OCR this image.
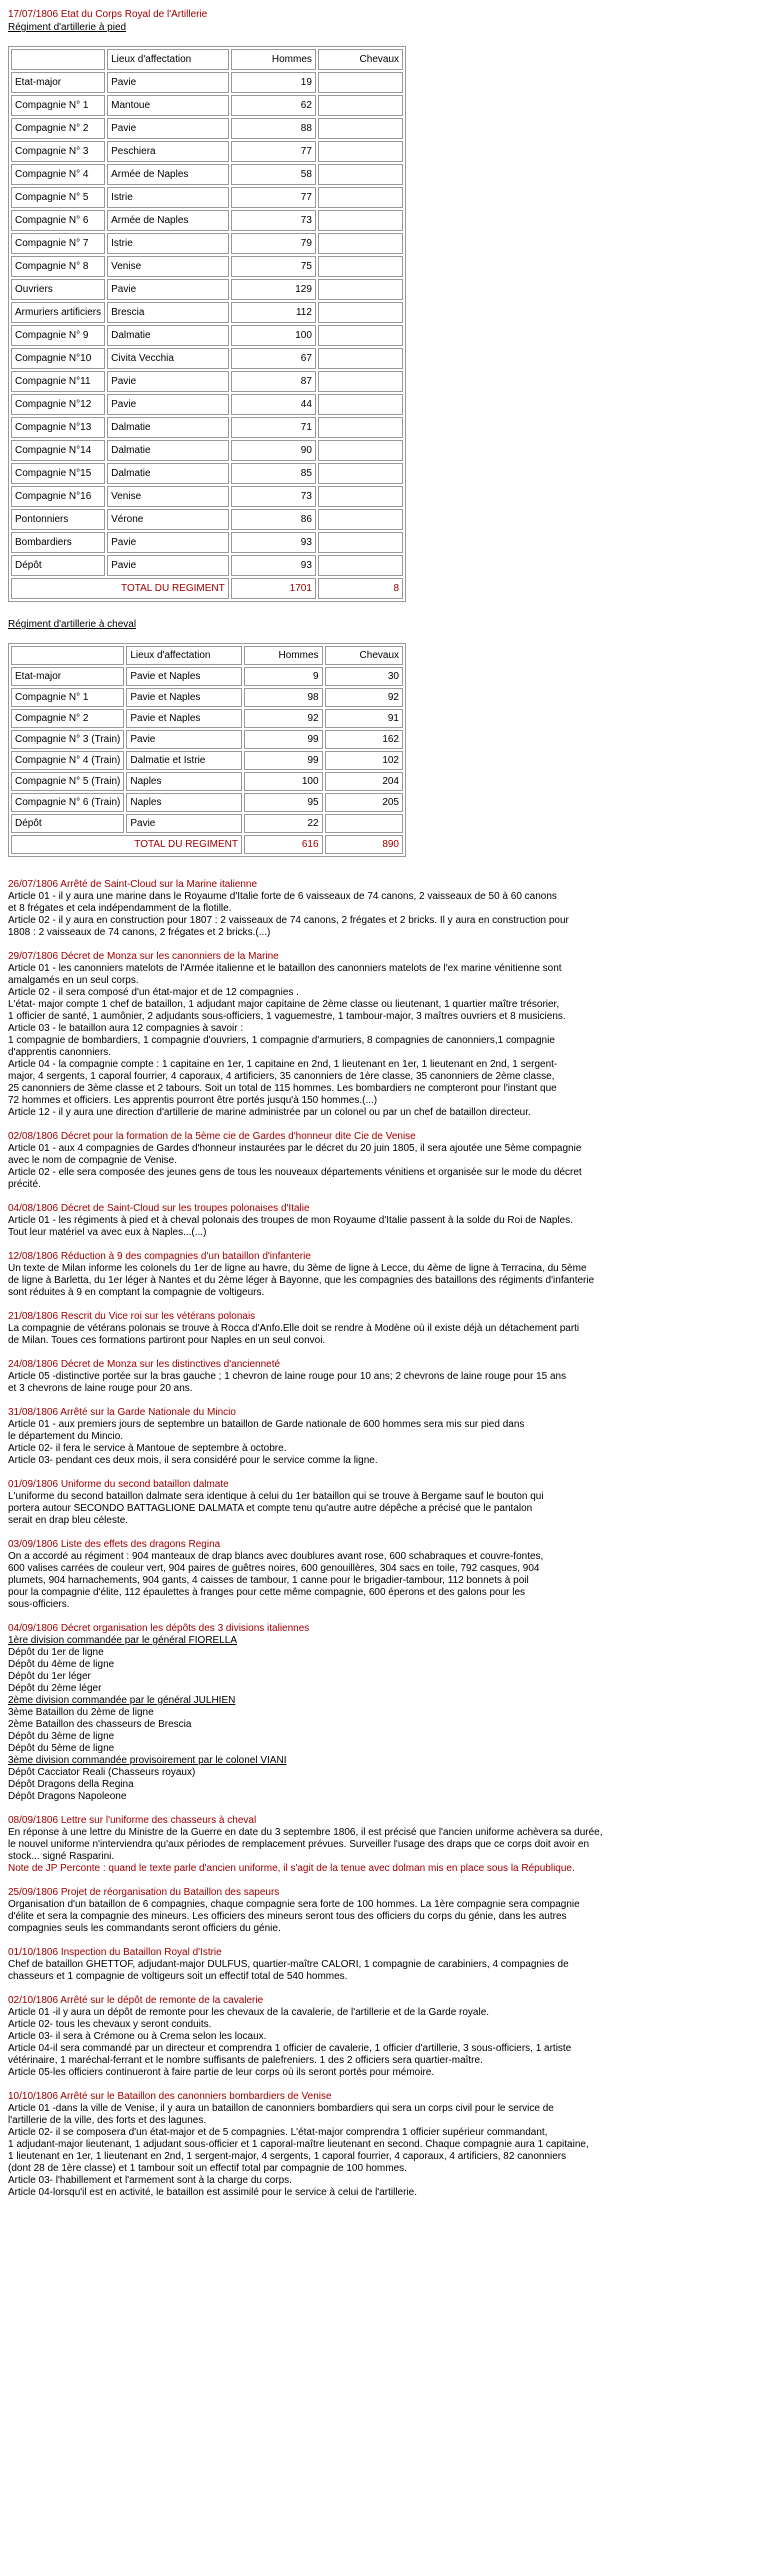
17/07/1806 Etat du Corps Royal de l'Artillerie
Régiment d'artillerie à pied
	Lieux d'affectation	Hommes	Chevaux
Etat-major	Pavie	19	
Compagnie N° 1	Mantoue	62	
Compagnie N° 2	Pavie	88	
Compagnie N° 3	Peschiera	77	
Compagnie N° 4	Armée de Naples	58	
Compagnie N° 5	Istrie	77	
Compagnie N° 6	Armée de Naples	73	
Compagnie N° 7	Istrie	79	
Compagnie N° 8	Venise	75	
Ouvriers	Pavie	129	
Armuriers artificiers	Brescia	112	
Compagnie N° 9	Dalmatie	100	
Compagnie N°10	Civita Vecchia	67	
Compagnie N°11	Pavie	87	
Compagnie N°12	Pavie	44	
Compagnie N°13	Dalmatie	71	
Compagnie N°14	Dalmatie	90	
Compagnie N°15	Dalmatie	85	
Compagnie N°16	Venise	73	
Pontonniers	Vérone	86	
Bombardiers	Pavie	93	
Dépôt	Pavie	93	
TOTAL DU REGIMENT		1701	8
Régiment d'artillerie à cheval
	Lieux d'affectation	Hommes	Chevaux
Etat-major	Pavie et Naples	9	30
Compagnie N° 1	Pavie et Naples	98	92
Compagnie N° 2	Pavie et Naples	92	91
Compagnie N° 3 (Train)	Pavie	99	162
Compagnie N° 4 (Train)	Dalmatie et Istrie	99	102
Compagnie N° 5 (Train)	Naples	100	204
Compagnie N° 6 (Train)	Naples	95	205
Dépôt	Pavie	22	
TOTAL DU REGIMENT		616	890
26/07/1806 Arrêté de Saint-Cloud sur la Marine italienne
Article 01 - il y aura une marine dans le Royaume d'Italie forte de 6 vaisseaux de 74 canons, 2 vaisseaux de 50 à 60 canons
et 8 frégates et cela indépendamment de la flotille.
Article 02 - il y aura en construction pour 1807 : 2 vaisseaux de 74 canons, 2 frégates et 2 bricks. Il y aura en construction pour
1808 : 2 vaisseaux de 74 canons, 2 frégates et 2 bricks.(...)
29/07/1806 Décret de Monza sur les canonniers de la Marine
Article 01 - les canonniers matelots de l'Armée italienne et le bataillon des canonniers matelots de l'ex marine vénitienne sont
amalgamés en un seul corps.
Article 02 - il sera composé d'un état-major et de 12 compagnies .
L'état- major compte 1 chef de bataillon, 1 adjudant major capitaine de 2ème classe ou lieutenant, 1 quartier maître trésorier,
1 officier de santé, 1 aumônier, 2 adjudants sous-officiers, 1 vaguemestre, 1 tambour-major, 3 maîtres ouvriers et 8 musiciens.
Article 03 - le bataillon aura 12 compagnies à savoir :
1 compagnie de bombardiers, 1 compagnie d'ouvriers, 1 compagnie d'armuriers, 8 compagnies de canonniers,1 compagnie
d'apprentis canonniers.
Article 04 - la compagnie compte : 1 capitaine en 1er, 1 capitaine en 2nd, 1 lieutenant en 1er, 1 lieutenant en 2nd, 1 sergent-
major, 4 sergents, 1 caporal fourrier, 4 caporaux, 4 artificiers, 35 canonniers de 1ère classe, 35 canonniers de 2ème classe,
25 canonniers de 3ème classe et 2 tabours. Soit un total de 115 hommes. Les bombardiers ne compteront pour l'instant que
72 hommes et officiers. Les apprentis pourront être portés jusqu'à 150 hommes.(...)
Article 12 - il y aura une direction d'artillerie de marine administrée par un colonel ou par un chef de bataillon directeur.
02/08/1806 Décret pour la formation de la 5ème cie de Gardes d'honneur dite Cie de Venise
Article 01 - aux 4 compagnies de Gardes d'honneur instaurées par le décret du 20 juin 1805, il sera ajoutée une 5ème compagnie
avec le nom de compagnie de Venise.
Article 02 - elle sera composée des jeunes gens de tous les nouveaux départements vénitiens et organisée sur le mode du décret
précité.
04/08/1806 Décret de Saint-Cloud sur les troupes polonaises d'Italie
Article 01 - les régiments à pied et à cheval polonais des troupes de mon Royaume d'Italie passent à la solde du Roi de Naples.
Tout leur matériel va avec eux à Naples...(...)
12/08/1806 Réduction à 9 des compagnies d'un bataillon d'infanterie
Un texte de Milan informe les colonels du 1er de ligne au havre, du 3ème de ligne à Lecce, du 4ème de ligne à Terracina, du 5ème
de ligne à Barletta, du 1er léger à Nantes et du 2ème léger à Bayonne, que les compagnies des bataillons des régiments d'infanterie
sont réduites à 9 en comptant la compagnie de voltigeurs.
21/08/1806 Rescrit du Vice roi sur les vétérans polonais
La compagnie de vétérans polonais se trouve à Rocca d'Anfo.Elle doit se rendre à Modène où il existe déjà un détachement parti
de Milan. Toues ces formations partiront pour Naples en un seul convoi.
24/08/1806 Décret de Monza sur les distinctives d'ancienneté
Article 05 -distinctive portée sur la bras gauche ; 1 chevron de laine rouge pour 10 ans; 2 chevrons de laine rouge pour 15 ans
et 3 chevrons de laine rouge pour 20 ans.
31/08/1806 Arrêté sur la Garde Nationale du Mincio
Article 01 - aux premiers jours de septembre un bataillon de Garde nationale de 600 hommes sera mis sur pied dans
le département du Mincio.
Article 02- il fera le service à Mantoue de septembre à octobre.
Article 03- pendant ces deux mois, il sera considéré pour le service comme la ligne.
01/09/1806 Uniforme du second bataillon dalmate
L'uniforme du second bataillon dalmate sera identique à celui du 1er bataillon qui se trouve à Bergame sauf le bouton qui
portera autour SECONDO BATTAGLIONE DALMATA et compte tenu qu'autre autre dépêche a précisé que le pantalon
serait en drap bleu céleste.
03/09/1806 Liste des effets des dragons Regina
On a accordé au régiment : 904 manteaux de drap blancs avec doublures avant rose, 600 schabraques et couvre-fontes,
600 valises carrées de couleur vert, 904 paires de guêtres noires, 600 genouillères, 304 sacs en toile, 792 casques, 904
plumets, 904 harnachements, 904 gants, 4 caisses de tambour, 1 canne pour le brigadier-tambour, 112 bonnets à poil
pour la compagnie d'élite, 112 épaulettes à franges pour cette même compagnie, 600 éperons et des galons pour les
sous-officiers.
04/09/1806 Décret organisation les dépôts des 3 divisions italiennes
1ère division commandée par le général FIORELLA
Dépôt du 1er de ligne
Dépôt du 4ème de ligne
Dépôt du 1er léger
Dépôt du 2ème léger
2ème division commandée par le général JULHIEN
3ème Bataillon du 2ème de ligne
2ème Bataillon des chasseurs de Brescia
Dépôt du 3ème de ligne
Dépôt du 5ème de ligne
3ème division commandée provisoirement par le colonel VIANI
Dépôt Cacciator Reali (Chasseurs royaux)
Dépôt Dragons della Regina
Dépôt Dragons Napoleone
08/09/1806 Lettre sur l'uniforme des chasseurs à cheval
En réponse à une lettre du Ministre de la Guerre en date du 3 septembre 1806, il est précisé que l'ancien uniforme achèvera sa durée,
le nouvel uniforme n'interviendra qu'aux périodes de remplacement prévues. Surveiller l'usage des draps que ce corps doit avoir en
stock... signé Rasparini.
Note de JP Perconte : quand le texte parle d'ancien uniforme, il s'agit de la tenue avec dolman mis en place sous la République.
25/09/1806 Projet de réorganisation du Bataillon des sapeurs
Organisation d'un bataillon de 6 compagnies, chaque compagnie sera forte de 100 hommes. La 1ère compagnie sera compagnie
d'élite et sera la compagnie des mineurs. Les officiers des mineurs seront tous des officiers du corps du génie, dans les autres
compagnies seuls les commandants seront officiers du génie.
01/10/1806 Inspection du Bataillon Royal d'Istrie
Chef de bataillon GHETTOF, adjudant-major DULFUS, quartier-maître CALORI, 1 compagnie de carabiniers, 4 compagnies de
chasseurs et 1 compagnie de voltigeurs soit un effectif total de 540 hommes.
02/10/1806 Arrêté sur le dépôt de remonte de la cavalerie
Article 01 -il y aura un dépôt de remonte pour les chevaux de la cavalerie, de l'artillerie et de la Garde royale.
Article 02- tous les chevaux y seront conduits.
Article 03- il sera à Crémone ou à Crema selon les locaux.
Article 04-il sera commandé par un directeur et comprendra 1 officier de cavalerie, 1 officier d'artillerie, 3 sous-officiers, 1 artiste
vétérinaire, 1 maréchal-ferrant et le nombre suffisants de palefreniers. 1 des 2 officiers sera quartier-maître.
Article 05-les officiers continueront à faire partie de leur corps où ils seront portés pour mémoire.
10/10/1806 Arrêté sur le Bataillon des canonniers bombardiers de Venise
Article 01 -dans la ville de Venise, il y aura un bataillon de canonniers bombardiers qui sera un corps civil pour le service de
l'artillerie de la ville, des forts et des lagunes.
Article 02- il se composera d'un état-major et de 5 compagnies. L'état-major comprendra 1 officier supérieur commandant,
1 adjudant-major lieutenant, 1 adjudant sous-officier et 1 caporal-maître lieutenant en second. Chaque compagnie aura 1 capitaine,
1 lieutenant en 1er, 1 lieutenant en 2nd, 1 sergent-major, 4 sergents, 1 caporal fourrier, 4 caporaux, 4 artificiers, 82 canonniers
(dont 28 de 1ère classe) et 1 tambour soit un effectif total par compagnie de 100 hommes.
Article 03- l'habillement et l'armement sont à la charge du corps.
Article 04-lorsqu'il est en activité, le bataillon est assimilé pour le service à celui de l'artillerie.
